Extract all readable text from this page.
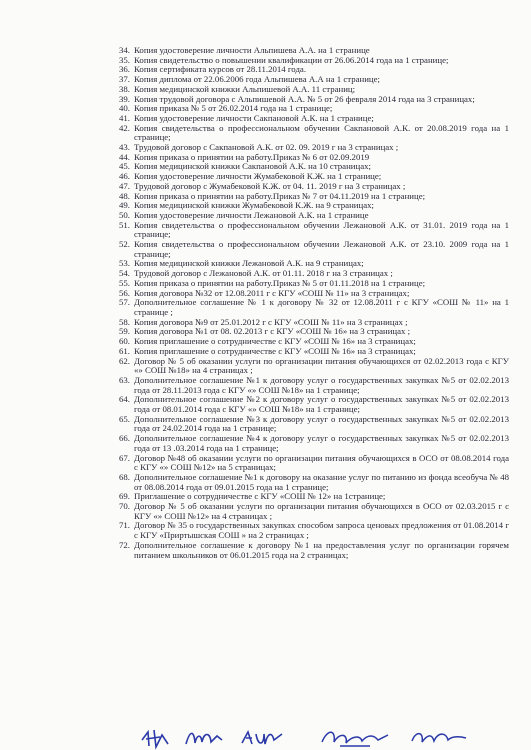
34. Копия удостоверение личности Альпишева А.А. на 1 странице
35. Копия свидетельство о повышении квалификации от 26.06.2014 года на 1 странице;
36. Копия сертификата курсов от 28.11.2014 года.
37. Копия диплома от 22.06.2006 года Альпишева А.А на 1 странице;
38. Копия медицинской книжки Альпишевой А.А. 11 страниц;
39. Копия трудовой договора с Альпишевой А.А. № 5 от 26 февраля 2014 года на 3 страницах;
40. Копия приказа № 5 от 26.02.2014 года на 1 странице;
41. Копия удостоверение личности Сакпановой А.К. на 1 странице;
42. Копия свидетельства о профессиональном обучении Сакпановой А.К. от 20.08.2019 года на 1 странице;
43. Трудовой договор с Сакпановой А.К. от 02. 09. 2019 г на 3 страницах ;
44. Копия приказа о принятии на работу.Приказ № 6 от 02.09.2019
45. Копия медицинской книжки Сакпановой А.К. на 10 страницах;
46. Копия удостоверение личности Жумабековой К.Ж. на 1 странице;
47. Трудовой договор с Жумабековой К.Ж. от 04. 11. 2019 г на 3 страницах ;
48. Копия приказа о принятии на работу.Приказ № 7 от 04.11.2019 на 1 странице;
49. Копия медицинской книжки Жумабековой К.Ж. на 9 страницах;
50. Копия удостоверение личности Лежановой А.К. на 1 странице
51. Копия свидетельства о профессиональном обучении Лежановой А.К. от 31.01. 2019 года на 1 странице;
52. Копия свидетельства о профессиональном обучении Лежановой А.К. от 23.10. 2009 года на 1 странице;
53. Копия медицинской книжки Лежановой А.К. на 9 страницах;
54. Трудовой договор с Лежановой А.К. от 01.11. 2018 г на 3 страницах ;
55. Копия приказа о принятии на работу.Приказ № 5 от 01.11.2018 на 1 странице;
56. Копия договора №32 от 12.08.2011 г с КГУ «СОШ № 11» на 3 страницах;
57. Дополнительное соглашение № 1 к договору № 32 от 12.08.2011 г с КГУ «СОШ № 11» на 1 странице ;
58. Копия договора №9 от 25.01.2012 г с КГУ «СОШ № 11» на 3 страницах ;
59. Копия договора №1 от 08. 02.2013 г с КГУ «СОШ № 16» на 3 страницах ;
60. Копия приглашение о сотрудничестве с КГУ «СОШ № 16» на 3 страницах;
61. Копия приглашение о сотрудничестве с КГУ «СОШ № 16» на 3 страницах;
62. Договор № 5 об оказании услуги по организации питания обучающихся от 02.02.2013 года с КГУ «» СОШ №18» на 4 страницах ;
63. Дополнительное соглашение №1 к договору услуг о государственных закупках №5 от 02.02.2013 года от 28.11.2013 года с КГУ «» СОШ №18» на 1 странице;
64. Дополнительное соглашение №2 к договору услуг о государственных закупках №5 от 02.02.2013 года от 08.01.2014 года с КГУ «» СОШ №18» на 1 странице;
65. Дополнительное соглашение №3 к договору услуг о государственных закупках №5 от 02.02.2013 года от 24.02.2014 года на 1 странице;
66. Дополнительное соглашение №4 к договору услуг о государственных закупках №5 от 02.02.2013 года от 13 .03.2014 года на 1 странице;
67. Договор №48 об оказании услуги по организации питания обучающихся в ОСО от 08.08.2014 года с КГУ «» СОШ №12» на 5 страницах;
68. Дополнительное соглашение №1 к договору на оказание услуг по питанию из фонда всеобуча № 48 от 08.08.2014 года от 09.01.2015 года на 1 странице;
69. Приглашение о сотрудничестве с КГУ «СОШ № 12» на 1странице;
70. Договор № 5 об оказании услуги по организации питания обучающихся в ОСО от 02.03.2015 г с КГУ «» СОШ №12» на 4 страницах ;
71. Договор № 35 о государственных закупках способом запроса ценовых предложения от 01.08.2014 г с КГУ «Приртышская СОШ » на 2 страницах ;
72. Дополнительное соглашение к договору №1 на предоставления услуг по организации горячем питанием школьников от 06.01.2015 года на 2 страницах;
